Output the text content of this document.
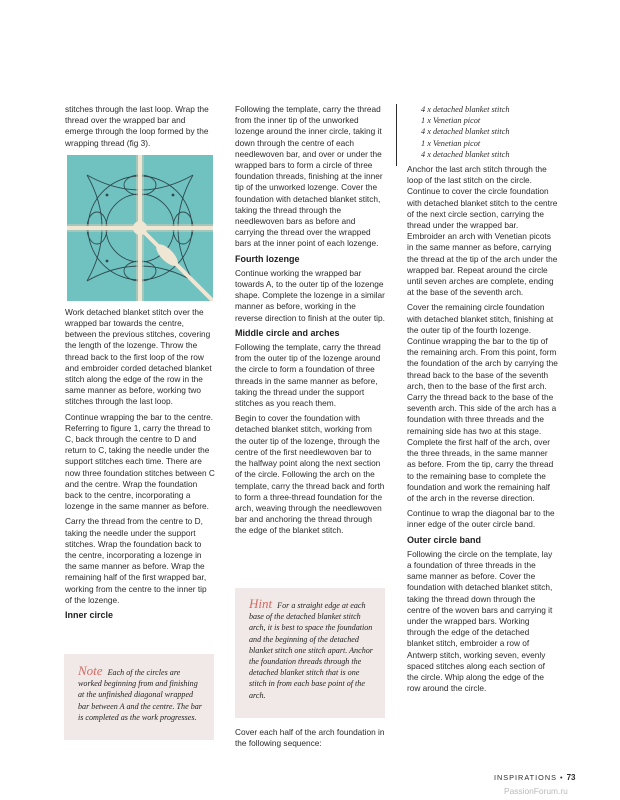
stitches through the last loop. Wrap the thread over the wrapped bar and emerge through the loop formed by the wrapping thread (fig 3).

Work detached blanket stitch over the wrapped bar towards the centre, between the previous stitches, covering the length of the lozenge. Throw the thread back to the first loop of the row and embroider corded detached blanket stitch along the edge of the row in the same manner as before, working two stitches through the last loop.

Continue wrapping the bar to the centre. Referring to figure 1, carry the thread to C, back through the centre to D and return to C, taking the needle under the support stitches each time. There are now three foundation stitches between C and the centre. Wrap the foundation back to the centre, incorporating a lozenge in the same manner as before.

Carry the thread from the centre to D, taking the needle under the support stitches. Wrap the foundation back to the centre, incorporating a lozenge in the same manner as before. Wrap the remaining half of the first wrapped bar, working from the centre to the inner tip of the lozenge.

Inner circle
Note Each of the circles are worked beginning from and finishing at the unfinished diagonal wrapped bar between A and the centre. The bar is completed as the work progresses.

Following the template, carry the thread from the inner tip of the unworked lozenge around the inner circle, taking it down through the centre of each needlewoven bar, and over or under the wrapped bars to form a circle of three foundation threads, finishing at the inner tip of the unworked lozenge. Cover the foundation with detached blanket stitch, taking the thread through the needlewoven bars as before and carrying the thread over the wrapped bars at the inner point of each lozenge.

Fourth lozenge

Continue working the wrapped bar towards A, to the outer tip of the lozenge shape. Complete the lozenge in a similar manner as before, working in the reverse direction to finish at the outer tip.

Middle circle and arches

Following the template, carry the thread from the outer tip of the lozenge around the circle to form a foundation of three threads in the same manner as before, taking the thread under the support stitches as you reach them.

Begin to cover the foundation with detached blanket stitch, working from the outer tip of the lozenge, through the centre of the first needlewoven bar to the halfway point along the next section of the circle. Following the arch on the template, carry the thread back and forth to form a three-thread foundation for the arch, weaving through the needlewoven bar and anchoring the thread through the edge of the blanket stitch.

Hint For a straight edge at each base of the detached blanket stitch arch, it is best to space the foundation and the beginning of the detached blanket stitch one stitch apart. Anchor the foundation threads through the detached blanket stitch that is one stitch in from each base point of the arch.

Cover each half of the arch foundation in the following sequence:

4 x detached blanket stitch
1 x Venetian picot
4 x detached blanket stitch
1 x Venetian picot
4 x detached blanket stitch

Anchor the last arch stitch through the loop of the last stitch on the circle. Continue to cover the circle foundation with detached blanket stitch to the centre of the next circle section, carrying the thread under the wrapped bar. Embroider an arch with Venetian picots in the same manner as before, carrying the thread at the tip of the arch under the wrapped bar. Repeat around the circle until seven arches are complete, ending at the base of the seventh arch.

Cover the remaining circle foundation with detached blanket stitch, finishing at the outer tip of the fourth lozenge. Continue wrapping the bar to the tip of the remaining arch. From this point, form the foundation of the arch by carrying the thread back to the base of the seventh arch, then to the base of the first arch. Carry the thread back to the base of the seventh arch. This side of the arch has a foundation with three threads and the remaining side has two at this stage. Complete the first half of the arch, over the three threads, in the same manner as before. From the tip, carry the thread to the remaining base to complete the foundation and work the remaining half of the arch in the reverse direction.

Continue to wrap the diagonal bar to the inner edge of the outer circle band.

Outer circle band

Following the circle on the template, lay a foundation of three threads in the same manner as before. Cover the foundation with detached blanket stitch, taking the thread down through the centre of the woven bars and carrying it under the wrapped bars. Working through the edge of the detached blanket stitch, embroider a row of Antwerp stitch, working seven, evenly spaced stitches along each section of the circle. Whip along the edge of the row around the circle.

INSPIRATIONS • 73
PassionForum.ru
